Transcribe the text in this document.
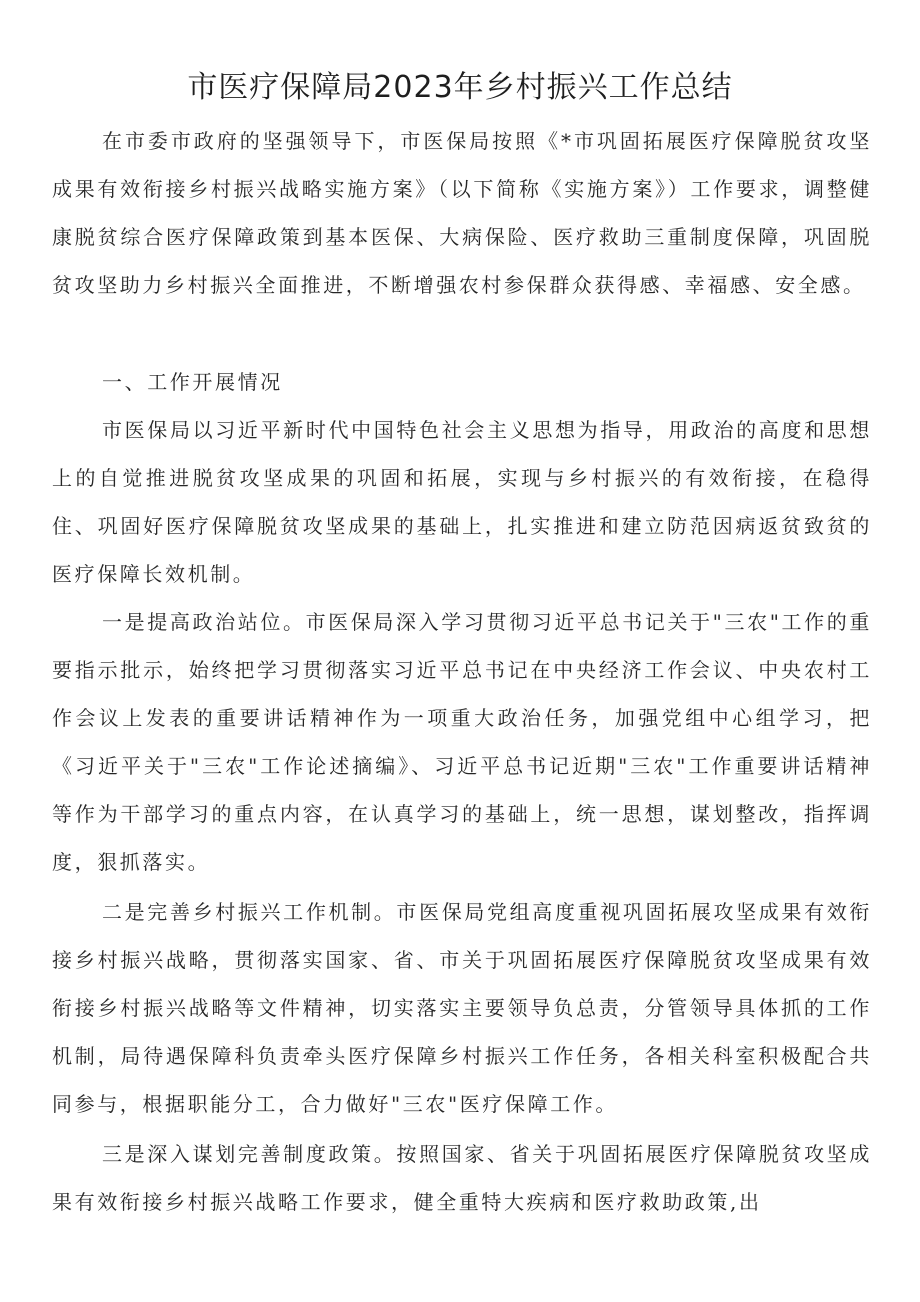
市医疗保障局2023年乡村振兴工作总结

在市委市政府的坚强领导下，市医保局按照《*市巩固拓展医疗保障脱贫攻坚成果有效衔接乡村振兴战略实施方案》（以下简称《实施方案》）工作要求，调整健康脱贫综合医疗保障政策到基本医保、大病保险、医疗救助三重制度保障，巩固脱贫攻坚助力乡村振兴全面推进，不断增强农村参保群众获得感、幸福感、安全感。

一、工作开展情况

市医保局以习近平新时代中国特色社会主义思想为指导，用政治的高度和思想上的自觉推进脱贫攻坚成果的巩固和拓展，实现与乡村振兴的有效衔接，在稳得住、巩固好医疗保障脱贫攻坚成果的基础上，扎实推进和建立防范因病返贫致贫的医疗保障长效机制。

一是提高政治站位。市医保局深入学习贯彻习近平总书记关于"三农"工作的重要指示批示，始终把学习贯彻落实习近平总书记在中央经济工作会议、中央农村工作会议上发表的重要讲话精神作为一项重大政治任务，加强党组中心组学习，把《习近平关于"三农"工作论述摘编》、习近平总书记近期"三农"工作重要讲话精神等作为干部学习的重点内容，在认真学习的基础上，统一思想，谋划整改，指挥调度，狠抓落实。

二是完善乡村振兴工作机制。市医保局党组高度重视巩固拓展攻坚成果有效衔接乡村振兴战略，贯彻落实国家、省、市关于巩固拓展医疗保障脱贫攻坚成果有效衔接乡村振兴战略等文件精神，切实落实主要领导负总责，分管领导具体抓的工作机制，局待遇保障科负责牵头医疗保障乡村振兴工作任务，各相关科室积极配合共同参与，根据职能分工，合力做好"三农"医疗保障工作。

三是深入谋划完善制度政策。按照国家、省关于巩固拓展医疗保障脱贫攻坚成果有效衔接乡村振兴战略工作要求，健全重特大疾病和医疗救助政策,出
